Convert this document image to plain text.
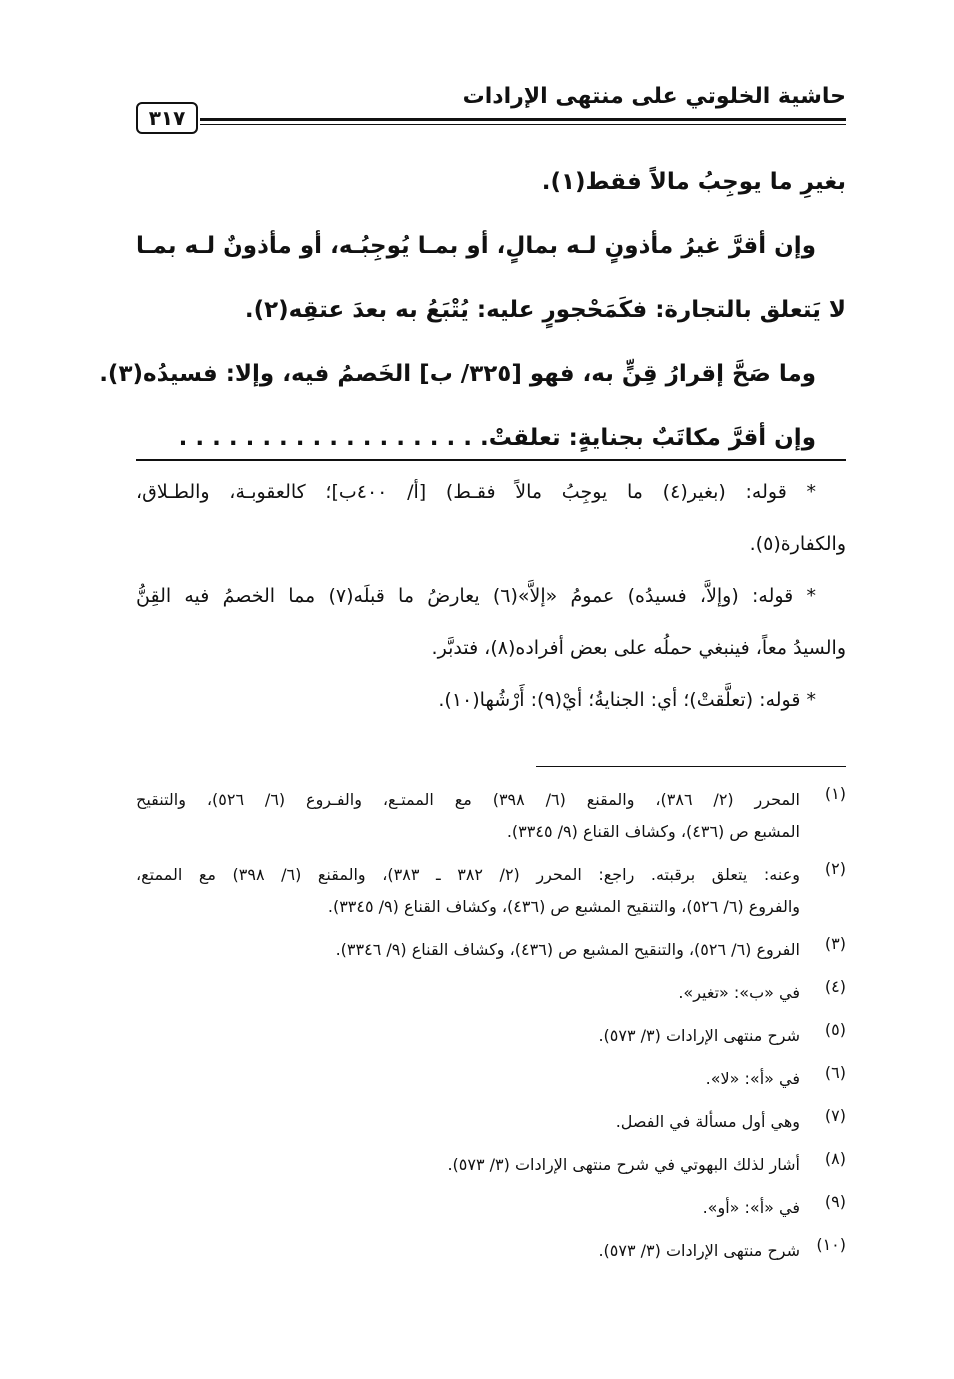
حاشية الخلوتي على منتهى الإرادات
٣١٧
بغيرِ ما يوجِبُ مالاً فقط(١).
وإن أقرَّ غيرُ مأذونٍ لـه بمالٍ، أو بمـا يُوجِبُـه، أو مأذونٌ لـه بمـا
لا يَتعلق بالتجارة: فكَمَحْجورٍ عليه: يُتْبَعُ به بعدَ عتقِه(٢).
وما صَحَّ إقرارُ قِنٍّ به، فهو [٣٢٥/ ب] الخَصمُ فيه، وإلا: فسيدُه(٣).
وإن أقرَّ مكاتَبٌ بجنايةٍ: تعلقتْ. . . . . . . . . . . . . . . . . . .
* قوله: (بغير(٤) ما يوجِبُ مالاً فقـط) [أ/ ٤٠٠ب]؛ كالعقوبـة، والطـلاق،
والكفارة(٥).
* قوله: (وإلاَّ، فسيدُه) عمومُ «إلاَّ»(٦) يعارضُ ما قبلَه(٧) مما الخصمُ فيه القِنُّ
والسيدُ معاً، فينبغي حملُه على بعض أفراده(٨)، فتدبَّر.
* قوله: (تعلَّقتْ)؛ أي: الجنايةُ؛ أيْ(٩): أَرْشُها(١٠).
(١)
المحرر (٢/ ٣٨٦)، والمقنع (٦/ ٣٩٨) مع الممتـع، والفـروع (٦/ ٥٢٦)، والتنقيح
المشبع ص (٤٣٦)، وكشاف القناع (٩/ ٣٣٤٥).
(٢)
وعنه: يتعلق برقبته. راجع: المحرر (٢/ ٣٨٢ ـ ٣٨٣)، والمقنع (٦/ ٣٩٨) مع الممتع،
والفروع (٦/ ٥٢٦)، والتنقيح المشبع ص (٤٣٦)، وكشاف القناع (٩/ ٣٣٤٥).
(٣)
الفروع (٦/ ٥٢٦)، والتنقيح المشبع ص (٤٣٦)، وكشاف القناع (٩/ ٣٣٤٦).
(٤)
في «ب»: «تغير».
(٥)
شرح منتهى الإرادات (٣/ ٥٧٣).
(٦)
في «أ»: «لا».
(٧)
وهي أول مسألة في الفصل.
(٨)
أشار لذلك البهوتي في شرح منتهى الإرادات (٣/ ٥٧٣).
(٩)
في «أ»: «أو».
(١٠)
شرح منتهى الإرادات (٣/ ٥٧٣).
